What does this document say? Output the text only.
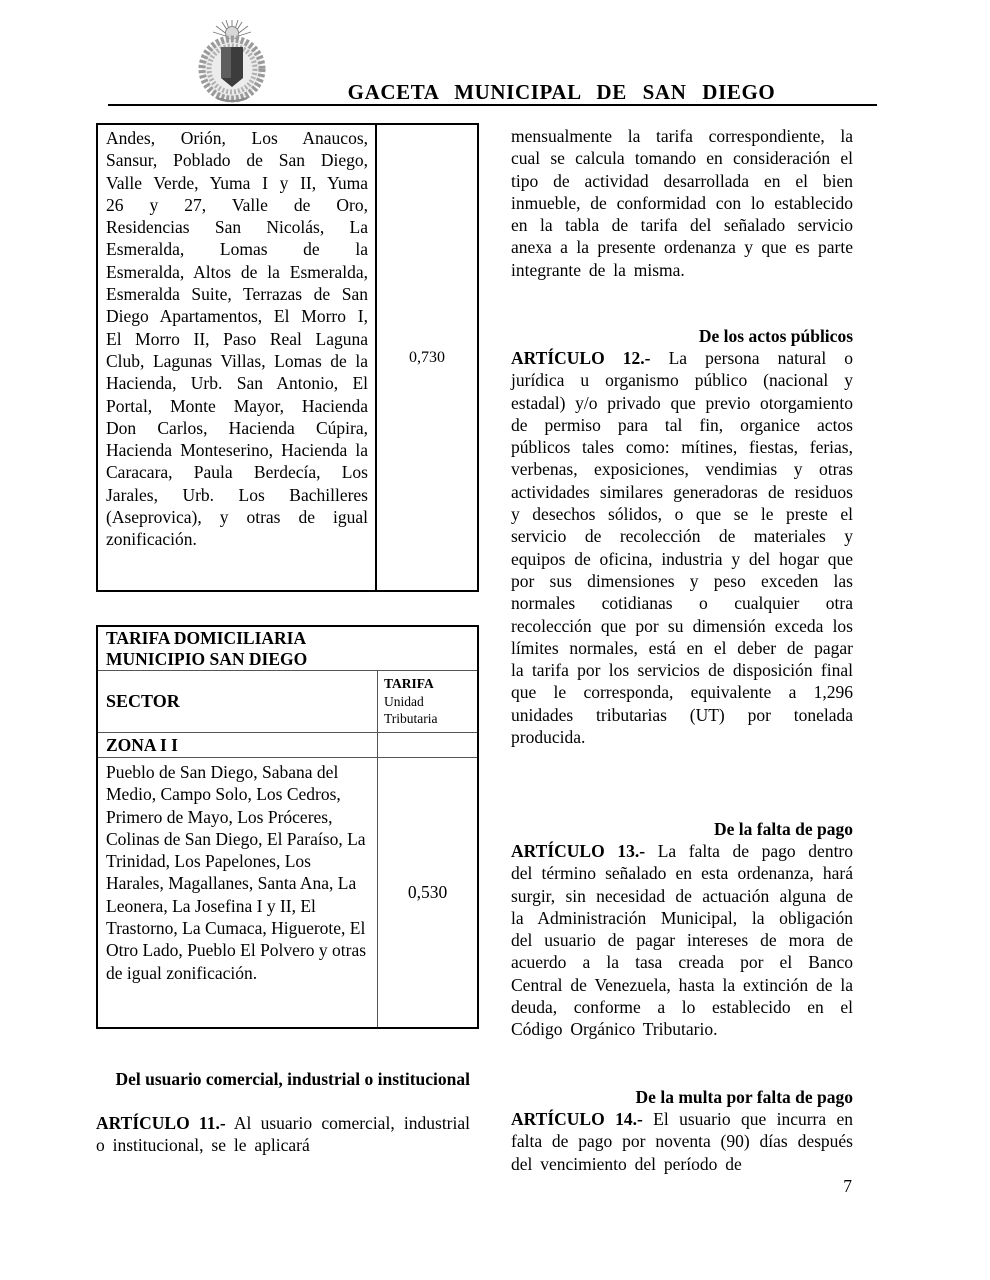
GACETA MUNICIPAL DE SAN DIEGO
Andes, Orión, Los Anaucos, Sansur, Poblado de San Diego, Valle Verde, Yuma I y II, Yuma 26 y 27, Valle de Oro, Residencias San Nicolás, La Esmeralda, Lomas de la Esmeralda, Altos de la Esmeralda, Esmeralda Suite, Terrazas de San Diego Apartamentos, El Morro I, El Morro II, Paso Real Laguna Club, Lagunas Villas, Lomas de la Hacienda, Urb. San Antonio, El Portal, Monte Mayor, Hacienda Don Carlos, Hacienda Cúpira, Hacienda Monteserino, Hacienda la Caracara, Paula Berdecía, Los Jarales, Urb. Los Bachilleres (Aseprovica), y otras de igual zonificación.
0,730
TARIFA DOMICILIARIA
MUNICIPIO SAN DIEGO
SECTOR
TARIFA
Unidad
Tributaria
ZONA I I
Pueblo de San Diego, Sabana del Medio, Campo Solo, Los Cedros, Primero de Mayo, Los Próceres, Colinas de San Diego, El Paraíso, La Trinidad, Los Papelones, Los Harales, Magallanes, Santa Ana, La Leonera, La Josefina I y II, El Trastorno, La Cumaca, Higuerote, El Otro Lado, Pueblo El Polvero y otras de igual zonificación.
0,530
Del usuario comercial, industrial o institucional

ARTÍCULO 11.- Al usuario comercial, industrial o institucional, se le aplicará

mensualmente la tarifa correspondiente, la cual se calcula tomando en consideración el tipo de actividad desarrollada en el bien inmueble, de conformidad con lo establecido en la tabla de tarifa del señalado servicio anexa a la presente ordenanza y que es parte integrante de la misma.

De los actos públicos

ARTÍCULO 12.- La persona natural o jurídica u organismo público (nacional y estadal) y/o privado que previo otorgamiento de permiso para tal fin, organice actos públicos tales como: mítines, fiestas, ferias, verbenas, exposiciones, vendimias y otras actividades similares generadoras de residuos y desechos sólidos, o que se le preste el servicio de recolección de materiales y equipos de oficina, industria y del hogar que por sus dimensiones y peso exceden las normales cotidianas o cualquier otra recolección que por su dimensión exceda los límites normales, está en el deber de pagar la tarifa por los servicios de disposición final que le corresponda, equivalente a 1,296 unidades tributarias (UT) por tonelada producida.

De la falta de pago

ARTÍCULO 13.- La falta de pago dentro del término señalado en esta ordenanza, hará surgir, sin necesidad de actuación alguna de la Administración Municipal, la obligación del usuario de pagar intereses de mora de acuerdo a la tasa creada por el Banco Central de Venezuela, hasta la extinción de la deuda, conforme a lo establecido en el Código Orgánico Tributario.

De la multa por falta de pago

ARTÍCULO 14.- El usuario que incurra en falta de pago por noventa (90) días después del vencimiento del período de

7
